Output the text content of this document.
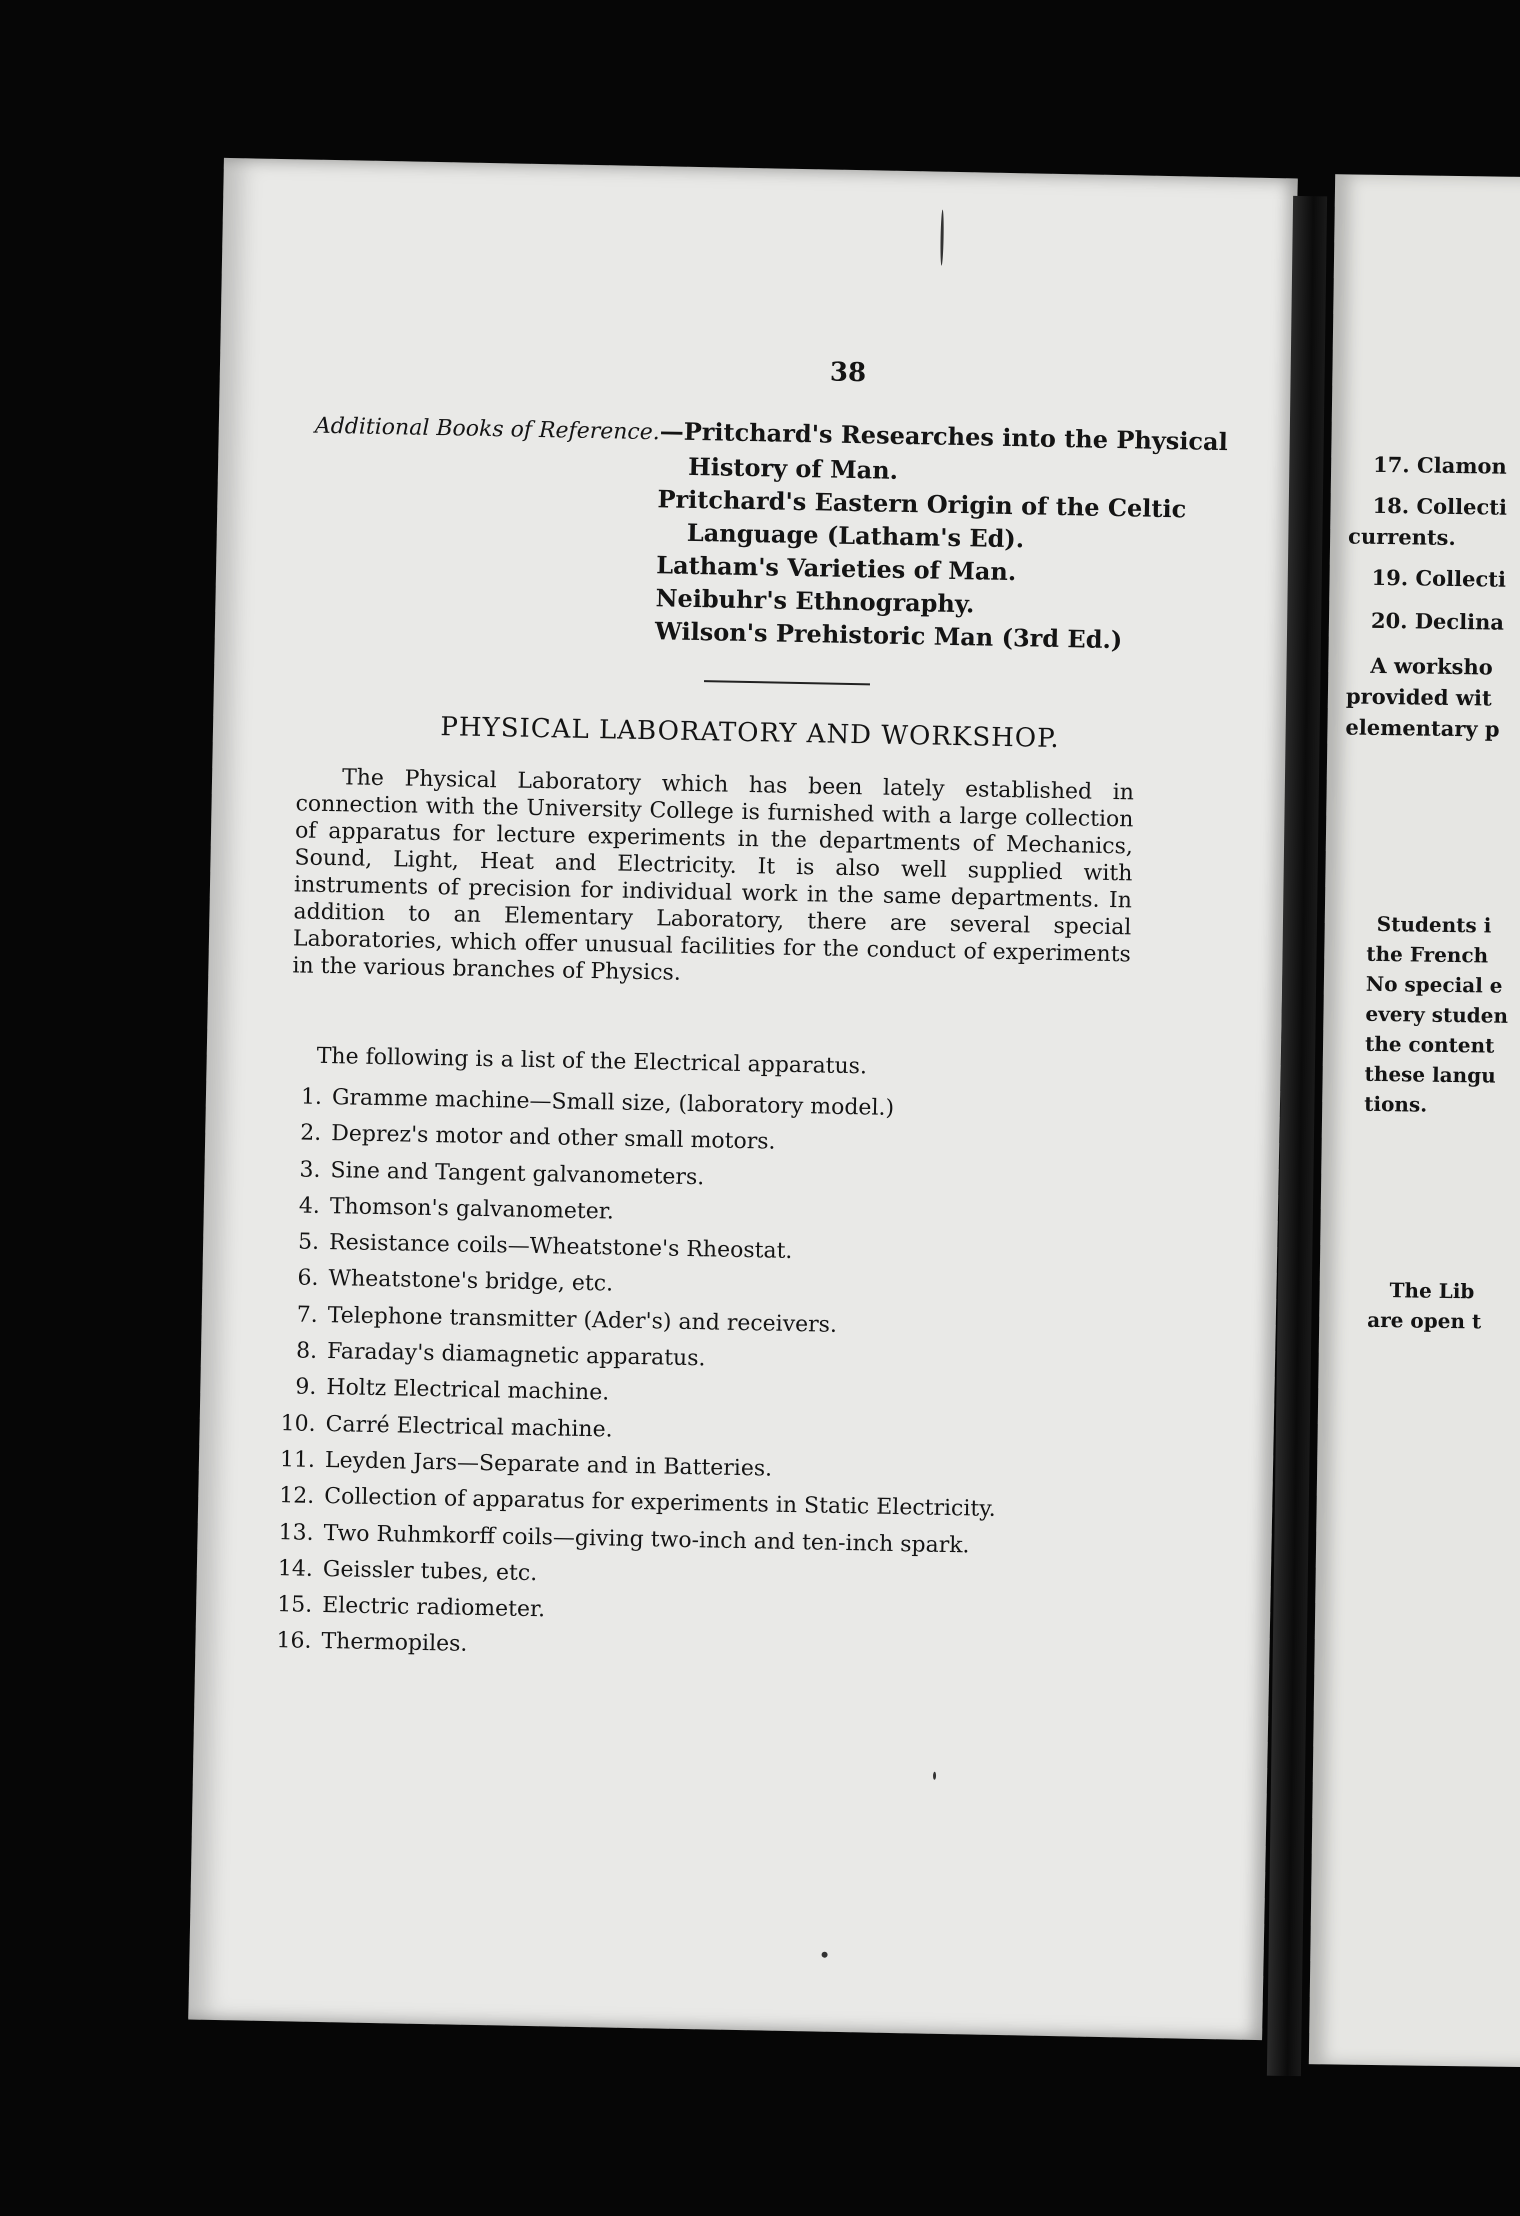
38
Additional Books of Reference.—Pritchard's Researches into the Physical
History of Man.
Pritchard's Eastern Origin of the Celtic
Language (Latham's Ed).
Latham's Varieties of Man.
Neibuhr's Ethnography.
Wilson's Prehistoric Man (3rd Ed.)
PHYSICAL LABORATORY AND WORKSHOP.
The Physical Laboratory which has been lately established in connection with the University College is furnished with a large collection of apparatus for lecture experiments in the departments of Mechanics, Sound, Light, Heat and Electricity. It is also well supplied with instruments of precision for individual work in the same departments. In addition to an Elementary Laboratory, there are several special Laboratories, which offer unusual facilities for the conduct of experiments in the various branches of Physics.
The following is a list of the Electrical apparatus.
1. Gramme machine—Small size, (laboratory model.)
2. Deprez's motor and other small motors.
3. Sine and Tangent galvanometers.
4. Thomson's galvanometer.
5. Resistance coils—Wheatstone's Rheostat.
6. Wheatstone's bridge, etc.
7. Telephone transmitter (Ader's) and receivers.
8. Faraday's diamagnetic apparatus.
9. Holtz Electrical machine.
10. Carré Electrical machine.
11. Leyden Jars—Separate and in Batteries.
12. Collection of apparatus for experiments in Static Electricity.
13. Two Ruhmkorff coils—giving two-inch and ten-inch spark.
14. Geissler tubes, etc.
15. Electric radiometer.
16. Thermopiles.
17. Clamon
18. Collecti
currents.
19. Collecti
20. Declina
A worksho
provided wit
elementary p
Students i
the French
No special e
every studen
the content
these langu
tions.
The Lib
are open t
